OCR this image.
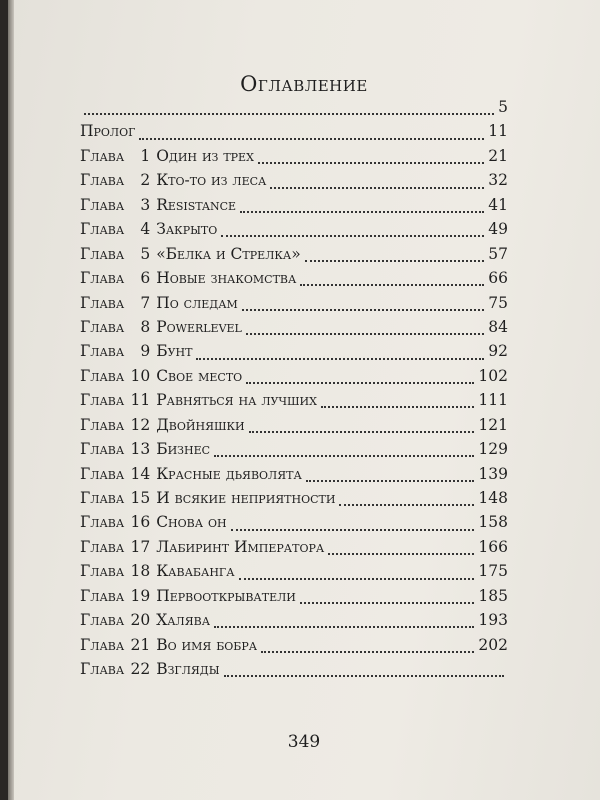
Оглавление
5
Пролог	11
Глава	1 Один из трех	21
Глава	2 Кто-то из леса	32
Глава	3 Resistance	41
Глава	4 Закрыто	49
Глава	5 «Белка и Стрелка»	57
Глава	6 Новые знакомства	66
Глава	7 По следам	75
Глава	8 Powerlevel	84
Глава	9 Бунт	92
Глава 10 Свое место	102
Глава 11 Равняться на лучших	111
Глава 12 Двойняшки	121
Глава 13 Бизнес	129
Глава 14 Красные дьяволята	139
Глава 15 И всякие неприятности	148
Глава 16 Снова он	158
Глава 17 Лабиринт Императора	166
Глава 18 Кавабанга	175
Глава 19 Первооткрыватели	185
Глава 20 Халява	193
Глава 21 Во имя бобра	202
Глава 22 Взгляды
349
